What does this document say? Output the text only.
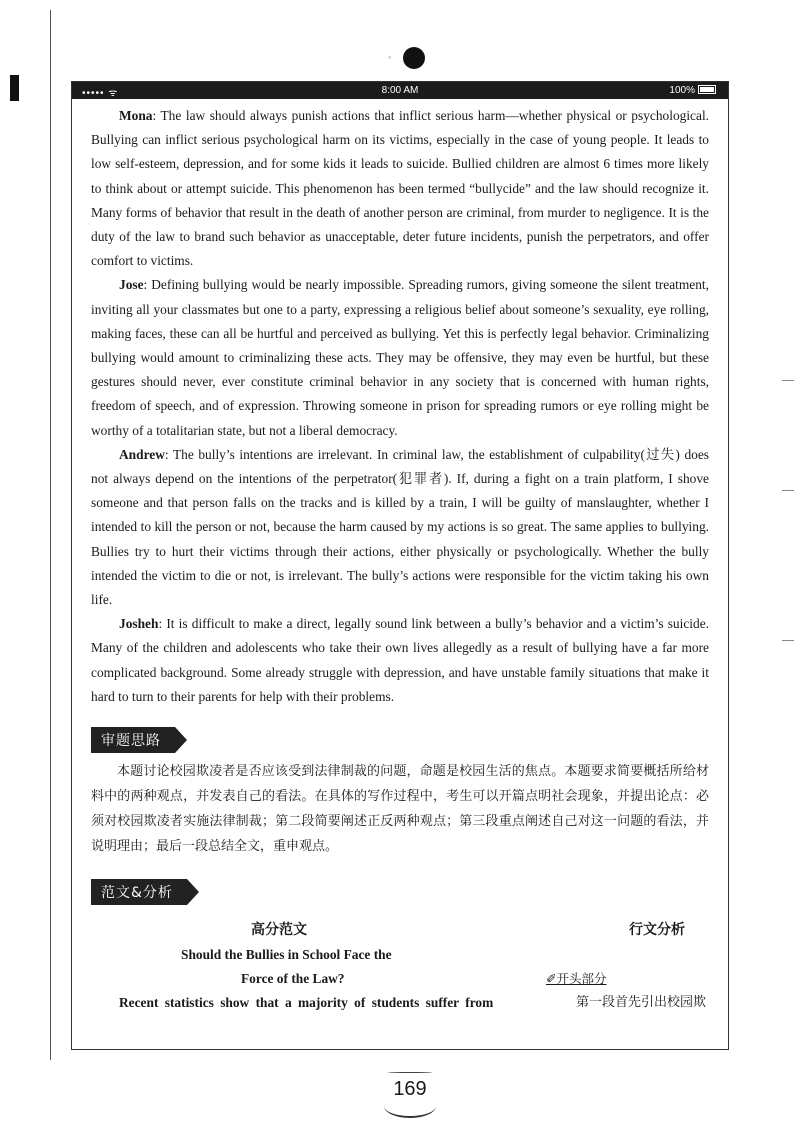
◦
••••• ᯤ	8:00 AM	100%

Mona: The law should always punish actions that inflict serious harm—whether physical or psychological. Bullying can inflict serious psychological harm on its victims, especially in the case of young people. It leads to low self-esteem, depression, and for some kids it leads to suicide. Bullied children are almost 6 times more likely to think about or attempt suicide. This phenomenon has been termed “bullycide” and the law should recognize it. Many forms of behavior that result in the death of another person are criminal, from murder to negligence. It is the duty of the law to brand such behavior as unacceptable, deter future incidents, punish the perpetrators, and offer comfort to victims.

Jose: Defining bullying would be nearly impossible. Spreading rumors, giving someone the silent treatment, inviting all your classmates but one to a party, expressing a religious belief about someone’s sexuality, eye rolling, making faces, these can all be hurtful and perceived as bullying. Yet this is perfectly legal behavior. Criminalizing bullying would amount to criminalizing these acts. They may be offensive, they may even be hurtful, but these gestures should never, ever constitute criminal behavior in any society that is concerned with human rights, freedom of speech, and of expression. Throwing someone in prison for spreading rumors or eye rolling might be worthy of a totalitarian state, but not a liberal democracy.

Andrew: The bully’s intentions are irrelevant. In criminal law, the establishment of culpability(过失) does not always depend on the intentions of the perpetrator(犯罪者). If, during a fight on a train platform, I shove someone and that person falls on the tracks and is killed by a train, I will be guilty of manslaughter, whether I intended to kill the person or not, because the harm caused by my actions is so great. The same applies to bullying. Bullies try to hurt their victims through their actions, either physically or psychologically. Whether the bully intended the victim to die or not, is irrelevant. The bully’s actions were responsible for the victim taking his own life.

Josheh: It is difficult to make a direct, legally sound link between a bully’s behavior and a victim’s suicide. Many of the children and adolescents who take their own lives allegedly as a result of bullying have a far more complicated background. Some already struggle with depression, and have unstable family situations that make it hard to turn to their parents for help with their problems.

审题思路

本题讨论校园欺凌者是否应该受到法律制裁的问题，命题是校园生活的焦点。本题要求简要概括所给材料中的两种观点，并发表自己的看法。在具体的写作过程中，考生可以开篇点明社会现象，并提出论点：必须对校园欺凌者实施法律制裁；第二段简要阐述正反两种观点；第三段重点阐述自己对这一问题的看法，并说明理由；最后一段总结全文，重申观点。

范文&分析
高分范文	行文分析
Should the Bullies in School Face the
Force of the Law?	✐开头部分
Recent statistics show that a majority of students suffer from	第一段首先引出校园欺
169
